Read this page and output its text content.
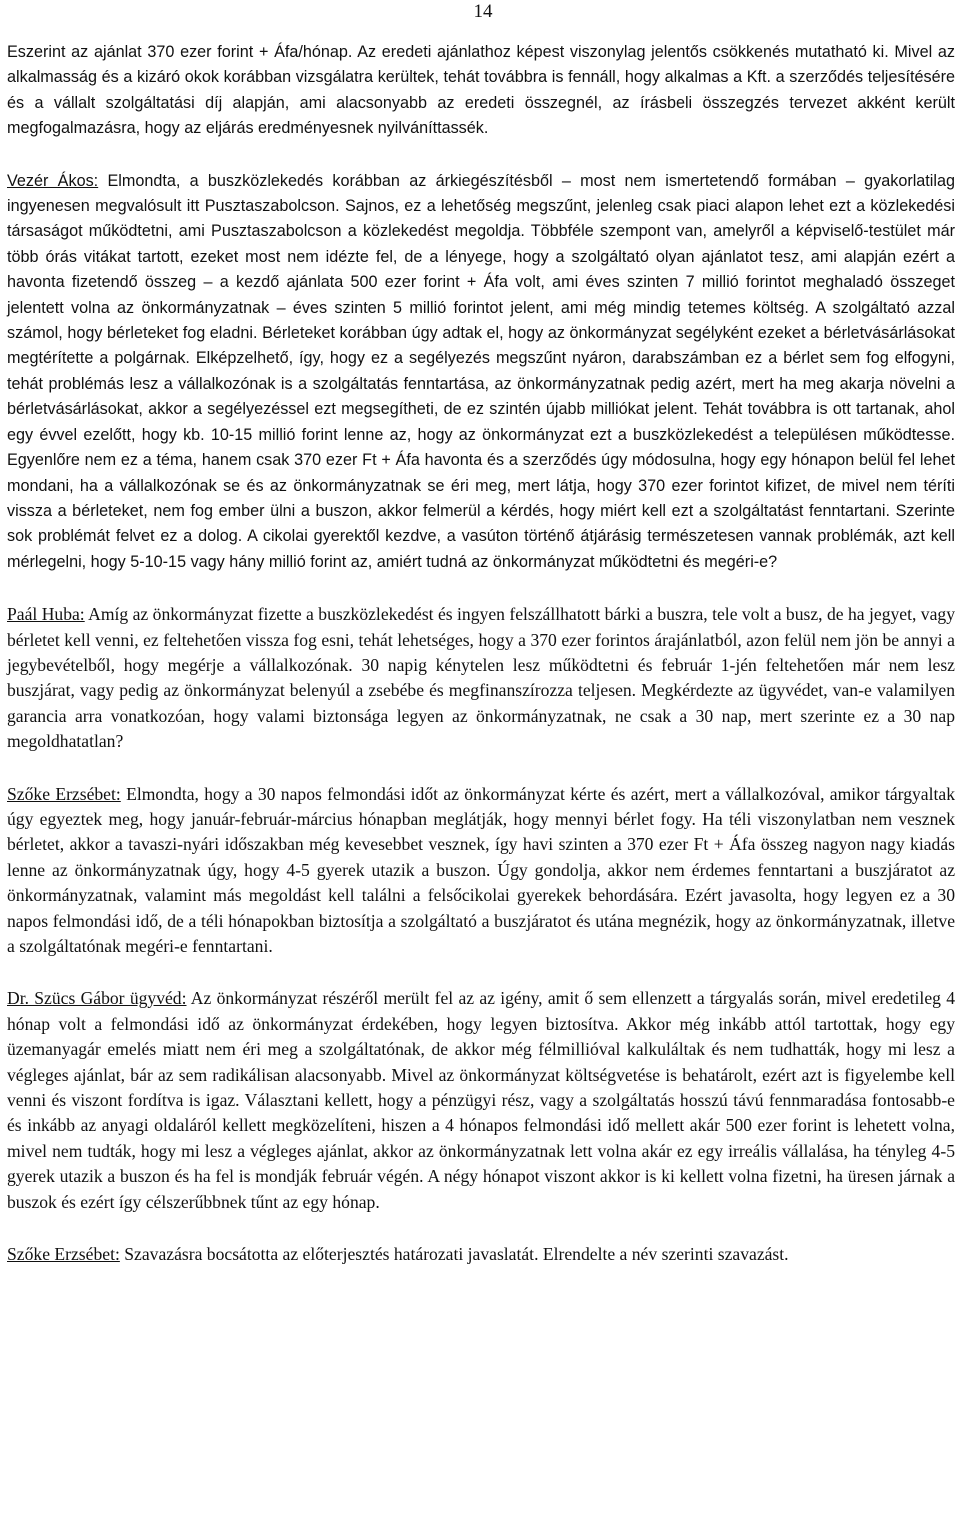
14

Eszerint az ajánlat 370 ezer forint + Áfa/hónap. Az eredeti ajánlathoz képest viszonylag jelentős csökkenés mutatható ki. Mivel az alkalmasság és a kizáró okok korábban vizsgálatra kerültek, tehát továbbra is fennáll, hogy alkalmas a Kft. a szerződés teljesítésére és a vállalt szolgáltatási díj alapján, ami alacsonyabb az eredeti összegnél, az írásbeli összegzés tervezet akként került megfogalmazásra, hogy az eljárás eredményesnek nyilváníttassék.

Vezér Ákos: Elmondta, a buszközlekedés korábban az árkiegészítésből – most nem ismertetendő formában – gyakorlatilag ingyenesen megvalósult itt Pusztaszabolcson. Sajnos, ez a lehetőség megszűnt, jelenleg csak piaci alapon lehet ezt a közlekedési társaságot működtetni, ami Pusztaszabolcson a közlekedést megoldja. Többféle szempont van, amelyről a képviselő-testület már több órás vitákat tartott, ezeket most nem idézte fel, de a lényege, hogy a szolgáltató olyan ajánlatot tesz, ami alapján ezért a havonta fizetendő összeg – a kezdő ajánlata 500 ezer forint + Áfa volt, ami éves szinten 7 millió forintot meghaladó összeget jelentett volna az önkormányzatnak – éves szinten 5 millió forintot jelent, ami még mindig tetemes költség. A szolgáltató azzal számol, hogy bérleteket fog eladni. Bérleteket korábban úgy adtak el, hogy az önkormányzat segélyként ezeket a bérletvásárlásokat megtérítette a polgárnak. Elképzelhető, így, hogy ez a segélyezés megszűnt nyáron, darabszámban ez a bérlet sem fog elfogyni, tehát problémás lesz a vállalkozónak is a szolgáltatás fenntartása, az önkormányzatnak pedig azért, mert ha meg akarja növelni a bérletvásárlásokat, akkor a segélyezéssel ezt megsegítheti, de ez szintén újabb milliókat jelent. Tehát továbbra is ott tartanak, ahol egy évvel ezelőtt, hogy kb. 10-15 millió forint lenne az, hogy az önkormányzat ezt a buszközlekedést a településen működtesse. Egyenlőre nem ez a téma, hanem csak 370 ezer Ft + Áfa havonta és a szerződés úgy módosulna, hogy egy hónapon belül fel lehet mondani, ha a vállalkozónak se és az önkormányzatnak se éri meg, mert látja, hogy 370 ezer forintot kifizet, de mivel nem téríti vissza a bérleteket, nem fog ember ülni a buszon, akkor felmerül a kérdés, hogy miért kell ezt a szolgáltatást fenntartani. Szerinte sok problémát felvet ez a dolog. A cikolai gyerektől kezdve, a vasúton történő átjárásig természetesen vannak problémák, azt kell mérlegelni, hogy 5-10-15 vagy hány millió forint az, amiért tudná az önkormányzat működtetni és megéri-e?

Paál Huba: Amíg az önkormányzat fizette a buszközlekedést és ingyen felszállhatott bárki a buszra, tele volt a busz, de ha jegyet, vagy bérletet kell venni, ez feltehetően vissza fog esni, tehát lehetséges, hogy a 370 ezer forintos árajánlatból, azon felül nem jön be annyi a jegybevételből, hogy megérje a vállalkozónak. 30 napig kénytelen lesz működtetni és február 1-jén feltehetően már nem lesz buszjárat, vagy pedig az önkormányzat belenyúl a zsebébe és megfinanszírozza teljesen. Megkérdezte az ügyvédet, van-e valamilyen garancia arra vonatkozóan, hogy valami biztonsága legyen az önkormányzatnak, ne csak a 30 nap, mert szerinte ez a 30 nap megoldhatatlan?

Szőke Erzsébet: Elmondta, hogy a 30 napos felmondási időt az önkormányzat kérte és azért, mert a vállalkozóval, amikor tárgyaltak úgy egyeztek meg, hogy január-február-március hónapban meglátják, hogy mennyi bérlet fogy. Ha téli viszonylatban nem vesznek bérletet, akkor a tavaszi-nyári időszakban még kevesebbet vesznek, így havi szinten a 370 ezer Ft + Áfa összeg nagyon nagy kiadás lenne az önkormányzatnak úgy, hogy 4-5 gyerek utazik a buszon. Úgy gondolja, akkor nem érdemes fenntartani a buszjáratot az önkormányzatnak, valamint más megoldást kell találni a felsőcikolai gyerekek behordására. Ezért javasolta, hogy legyen ez a 30 napos felmondási idő, de a téli hónapokban biztosítja a szolgáltató a buszjáratot és utána megnézik, hogy az önkormányzatnak, illetve a szolgáltatónak megéri-e fenntartani.

Dr. Szücs Gábor ügyvéd: Az önkormányzat részéről merült fel az az igény, amit ő sem ellenzett a tárgyalás során, mivel eredetileg 4 hónap volt a felmondási idő az önkormányzat érdekében, hogy legyen biztosítva. Akkor még inkább attól tartottak, hogy egy üzemanyagár emelés miatt nem éri meg a szolgáltatónak, de akkor még félmillióval kalkuláltak és nem tudhatták, hogy mi lesz a végleges ajánlat, bár az sem radikálisan alacsonyabb. Mivel az önkormányzat költségvetése is behatárolt, ezért azt is figyelembe kell venni és viszont fordítva is igaz. Választani kellett, hogy a pénzügyi rész, vagy a szolgáltatás hosszú távú fennmaradása fontosabb-e és inkább az anyagi oldaláról kellett megközelíteni, hiszen a 4 hónapos felmondási idő mellett akár 500 ezer forint is lehetett volna, mivel nem tudták, hogy mi lesz a végleges ajánlat, akkor az önkormányzatnak lett volna akár ez egy irreális vállalása, ha tényleg 4-5 gyerek utazik a buszon és ha fel is mondják február végén. A négy hónapot viszont akkor is ki kellett volna fizetni, ha üresen járnak a buszok és ezért így célszerűbbnek tűnt az egy hónap.

Szőke Erzsébet: Szavazásra bocsátotta az előterjesztés határozati javaslatát. Elrendelte a név szerinti szavazást.
